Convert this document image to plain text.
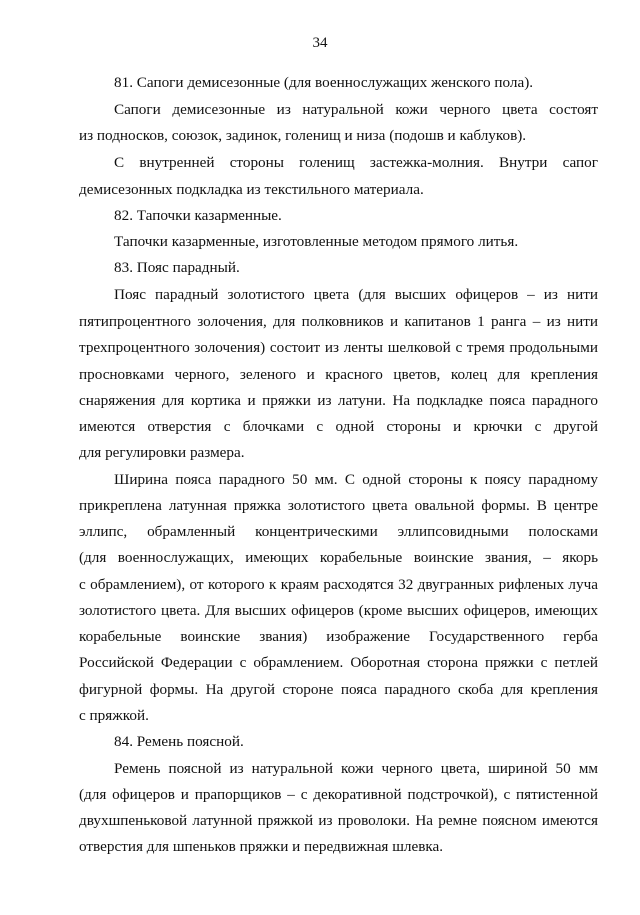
34
81. Сапоги демисезонные (для военнослужащих женского пола).
Сапоги демисезонные из натуральной кожи черного цвета состоят
из подносков, союзок, задинок, голенищ и низа (подошв и каблуков).
С внутренней стороны голенищ застежка-молния. Внутри сапог
демисезонных подкладка из текстильного материала.
82. Тапочки казарменные.
Тапочки казарменные, изготовленные методом прямого литья.
83. Пояс парадный.
Пояс парадный золотистого цвета (для высших офицеров – из нити
пятипроцентного золочения, для полковников и капитанов 1 ранга – из нити
трехпроцентного золочения) состоит из ленты шелковой с тремя продольными
просновками черного, зеленого и красного цветов, колец для крепления
снаряжения для кортика и пряжки из латуни. На подкладке пояса парадного
имеются отверстия с блочками с одной стороны и крючки с другой
для регулировки размера.
Ширина пояса парадного 50 мм. С одной стороны к поясу парадному
прикреплена латунная пряжка золотистого цвета овальной формы. В центре
эллипс, обрамленный концентрическими эллипсовидными полосками
(для военнослужащих, имеющих корабельные воинские звания, – якорь
с обрамлением), от которого к краям расходятся 32 двугранных рифленых луча
золотистого цвета. Для высших офицеров (кроме высших офицеров, имеющих
корабельные воинские звания) изображение Государственного герба
Российской Федерации с обрамлением. Оборотная сторона пряжки с петлей
фигурной формы. На другой стороне пояса парадного скоба для крепления
с пряжкой.
84. Ремень поясной.
Ремень поясной из натуральной кожи черного цвета, шириной 50 мм
(для офицеров и прапорщиков – с декоративной подстрочкой), с пятистенной
двухшпеньковой латунной пряжкой из проволоки. На ремне поясном имеются
отверстия для шпеньков пряжки и передвижная шлевка.
